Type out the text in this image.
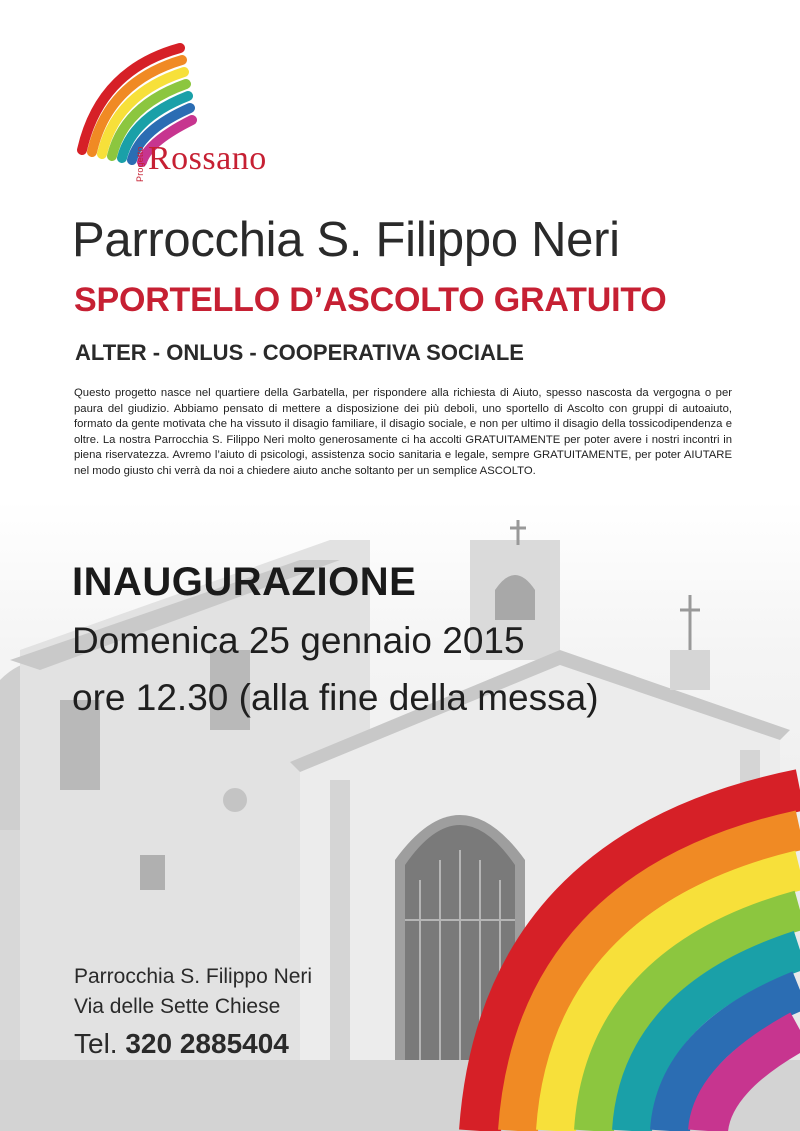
Progetto Rossano
Parrocchia S. Filippo Neri
SPORTELLO D’ASCOLTO GRATUITO
ALTER - ONLUS - COOPERATIVA SOCIALE
Questo progetto nasce nel quartiere della Garbatella, per rispondere alla richiesta di Aiuto, spesso nascosta da vergogna o per paura del giudizio. Abbiamo pensato di mettere a disposizione dei più deboli, uno sportello di Ascolto con gruppi di autoaiuto, formato da gente motivata che ha vissuto il disagio familiare, il disagio sociale, e non per ultimo il disagio della tossicodipendenza e oltre. La nostra Parrocchia S. Filippo Neri molto generosamente ci ha accolti GRATUITAMENTE per poter avere i nostri incontri in piena riservatezza. Avremo l’aiuto di psicologi, assistenza socio sanitaria e legale, sempre GRATUITAMENTE, per poter AIUTARE nel modo giusto chi verrà da noi a chiedere aiuto anche soltanto per un semplice ASCOLTO.
INAUGURAZIONE
Domenica 25 gennaio 2015
ore 12.30 (alla fine della messa)
Parrocchia S. Filippo Neri
Via delle Sette Chiese
Tel. 320 2885404
